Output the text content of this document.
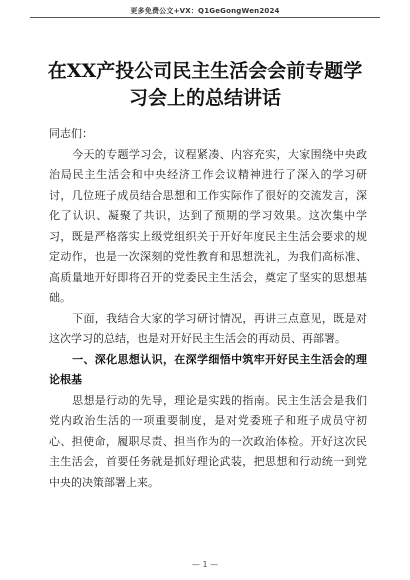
更多免费公文+VX：Q1GeGongWen2024
在XX产投公司民主生活会会前专题学习会上的总结讲话

同志们：

今天的专题学习会，议程紧凑、内容充实，大家围绕中央政治局民主生活会和中央经济工作会议精神进行了深入的学习研讨，几位班子成员结合思想和工作实际作了很好的交流发言，深化了认识、凝聚了共识，达到了预期的学习效果。这次集中学习，既是严格落实上级党组织关于开好年度民主生活会要求的规定动作，也是一次深刻的党性教育和思想洗礼，为我们高标准、高质量地开好即将召开的党委民主生活会，奠定了坚实的思想基础。

下面，我结合大家的学习研讨情况，再讲三点意见，既是对这次学习的总结，也是对开好民主生活会的再动员、再部署。

一、深化思想认识，在深学细悟中筑牢开好民主生活会的理论根基

思想是行动的先导，理论是实践的指南。民主生活会是我们党内政治生活的一项重要制度，是对党委班子和班子成员守初心、担使命，履职尽责、担当作为的一次政治体检。开好这次民主生活会，首要任务就是抓好理论武装，把思想和行动统一到党中央的决策部署上来。

— 1 —
